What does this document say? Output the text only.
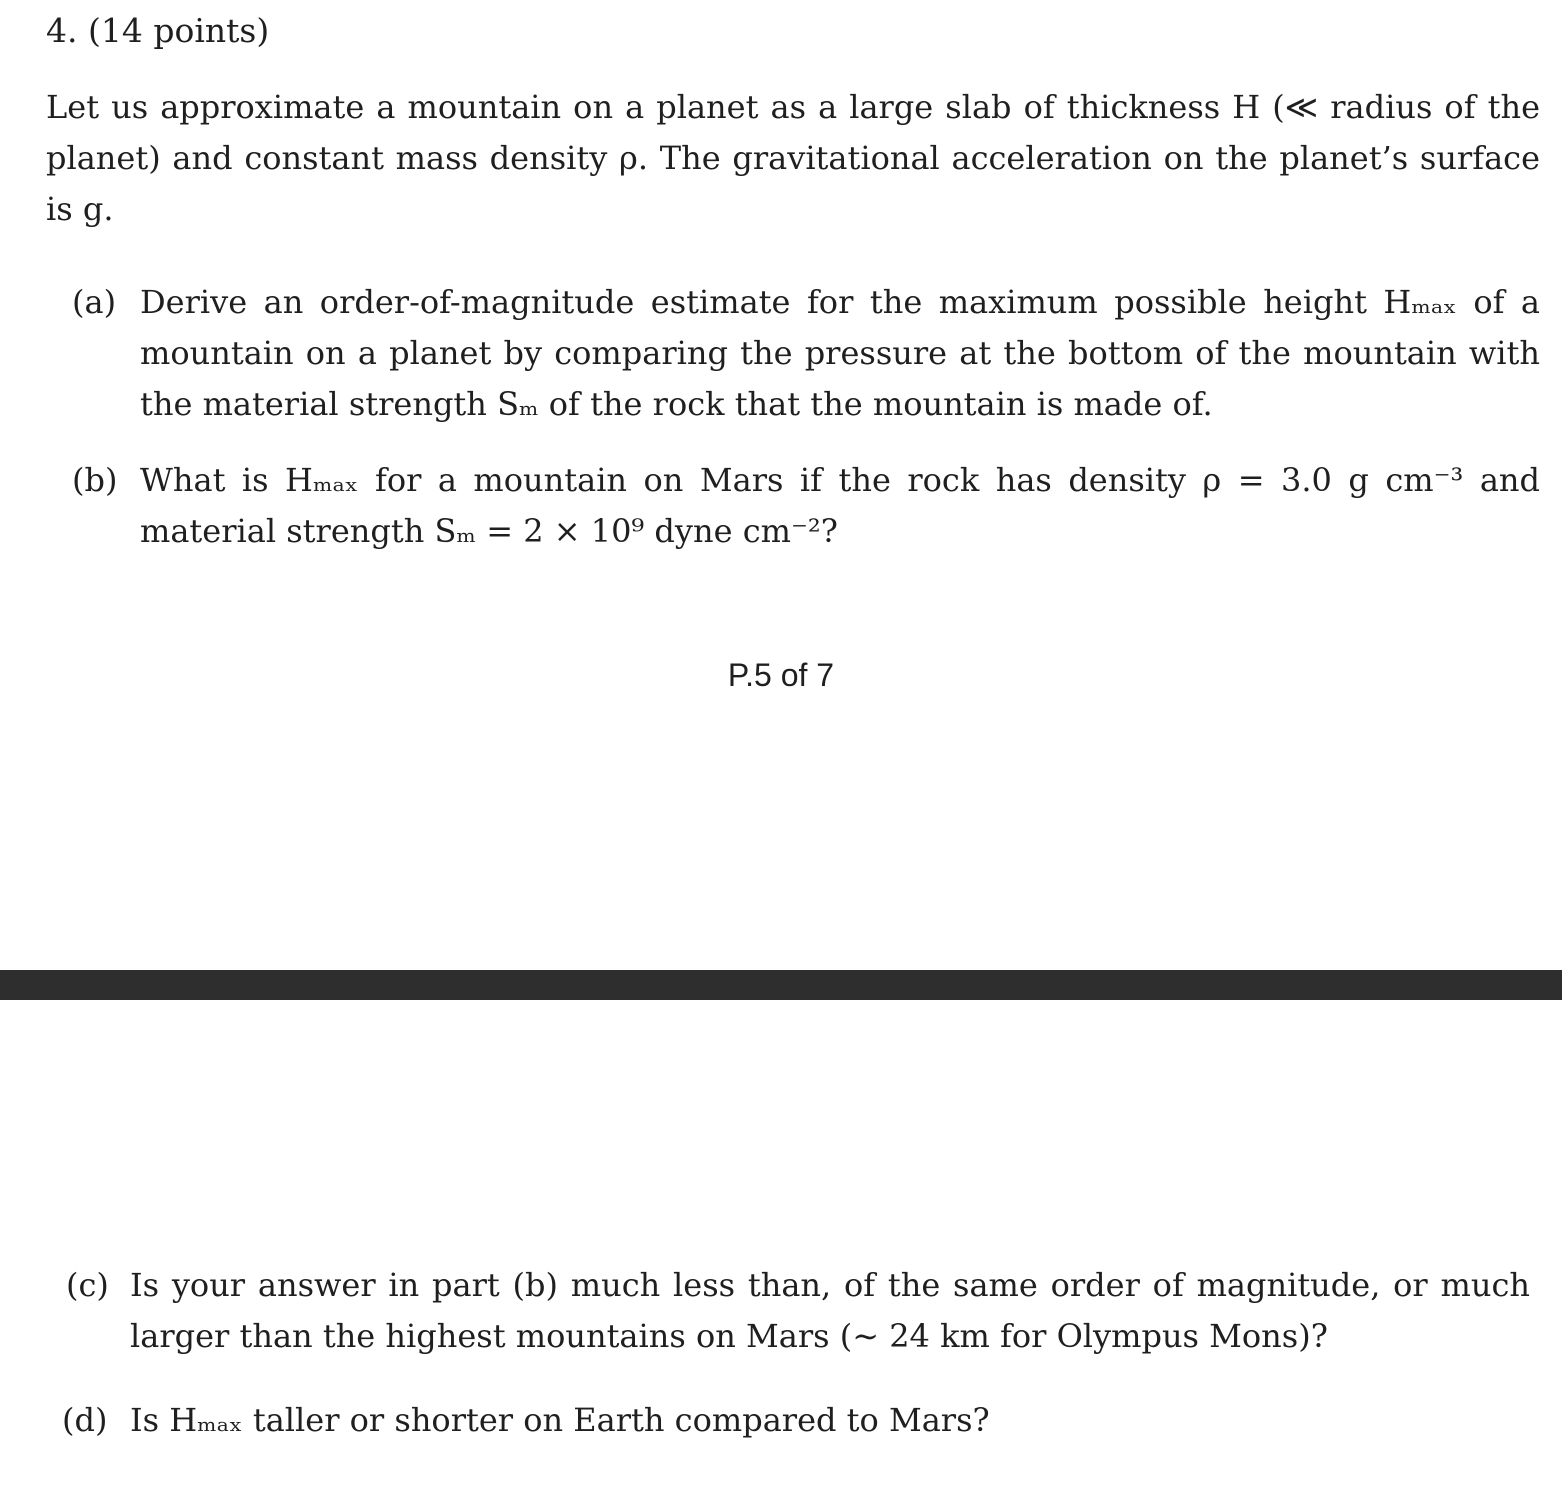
4. (14 points)
Let us approximate a mountain on a planet as a large slab of thickness H (≪ radius of the
planet) and constant mass density ρ. The gravitational acceleration on the planet’s surface
is g.
(a) Derive an order-of-magnitude estimate for the maximum possible height Hₘₐₓ of a
mountain on a planet by comparing the pressure at the bottom of the mountain with
the material strength Sₘ of the rock that the mountain is made of.
(b) What is Hₘₐₓ for a mountain on Mars if the rock has density ρ = 3.0 g cm⁻³ and
material strength Sₘ = 2 × 10⁹ dyne cm⁻²?
P.5 of 7
(c) Is your answer in part (b) much less than, of the same order of magnitude, or much
larger than the highest mountains on Mars (∼ 24 km for Olympus Mons)?
(d) Is Hₘₐₓ taller or shorter on Earth compared to Mars?
